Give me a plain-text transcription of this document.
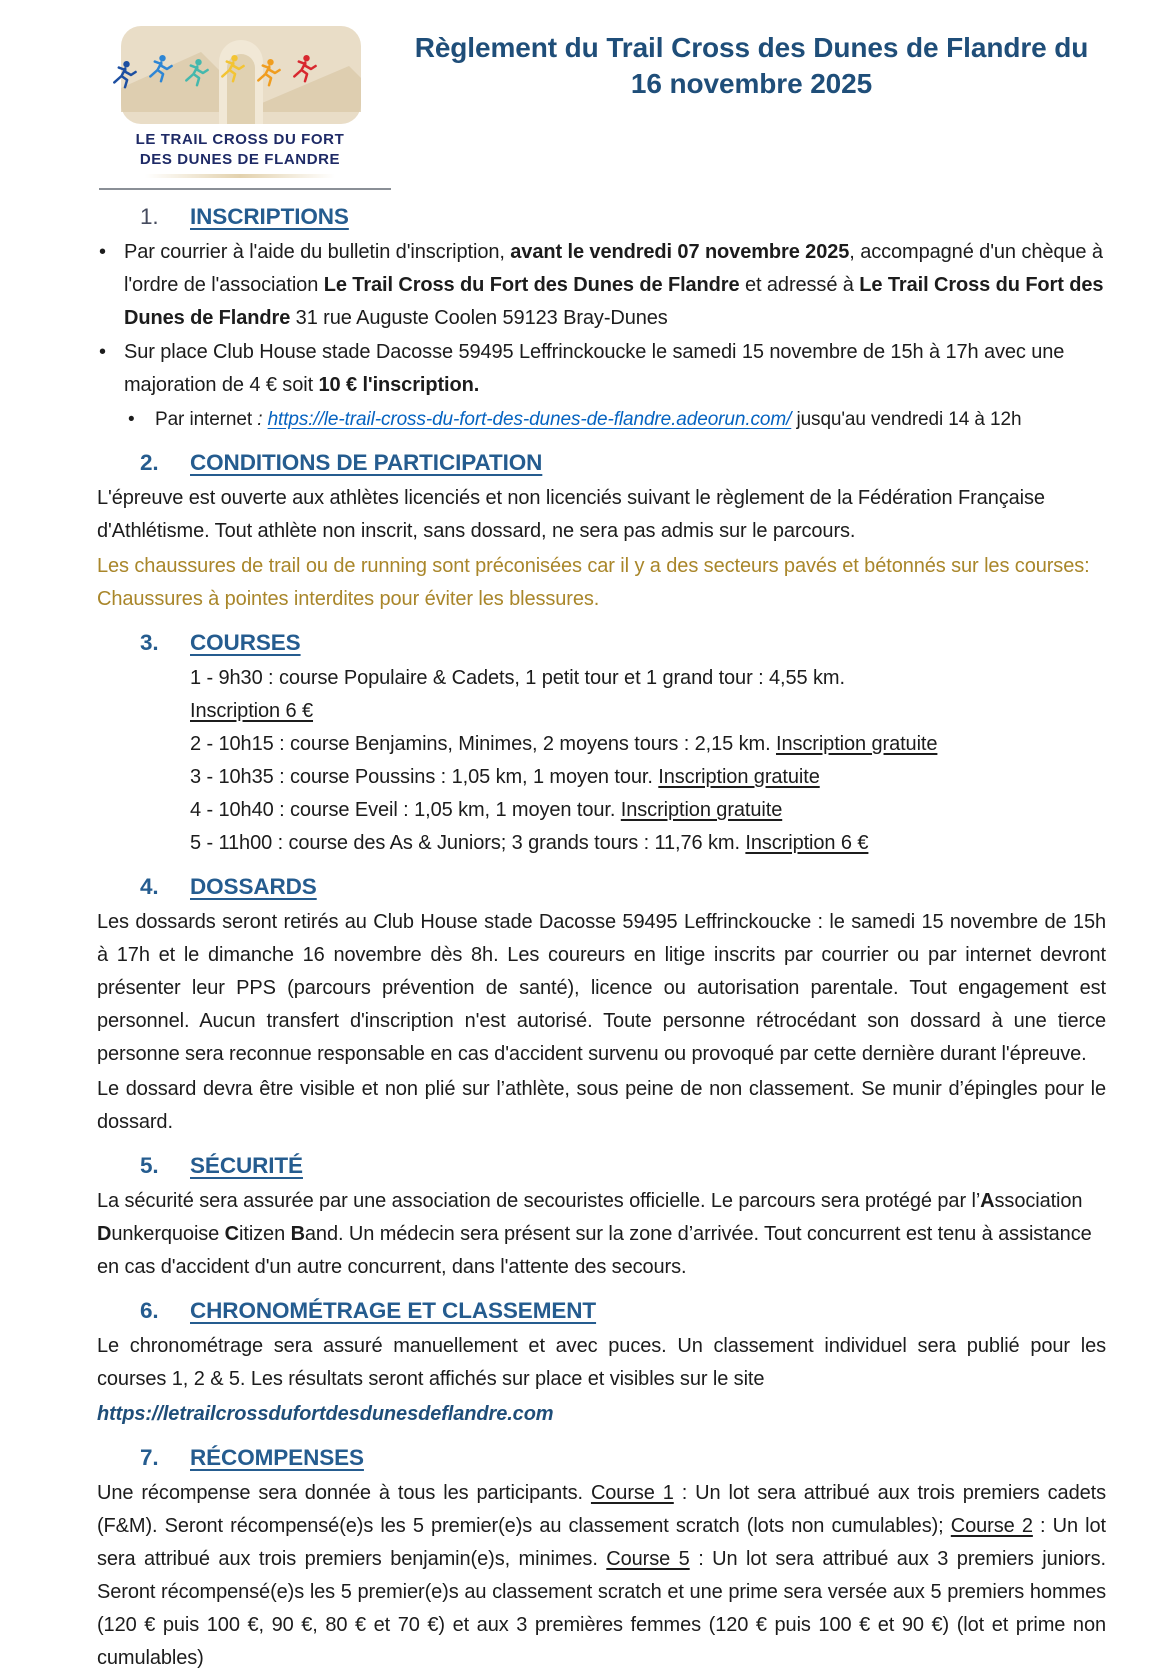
LE TRAIL CROSS DU FORT
DES DUNES DE FLANDRE
Règlement du Trail Cross des Dunes de Flandre du
16 novembre 2025
1. INSCRIPTIONS
• Par courrier à l'aide du bulletin d'inscription, avant le vendredi 07 novembre 2025, accompagné d'un chèque à l'ordre de l'association Le Trail Cross du Fort des Dunes de Flandre et adressé à Le Trail Cross du Fort des Dunes de Flandre 31 rue Auguste Coolen 59123 Bray-Dunes
• Sur place Club House stade Dacosse 59495 Leffrinckoucke le samedi 15 novembre de 15h à 17h avec une majoration de 4 € soit 10 € l'inscription.
• Par internet : https://le-trail-cross-du-fort-des-dunes-de-flandre.adeorun.com/ jusqu'au vendredi 14 à 12h
2. CONDITIONS DE PARTICIPATION

L'épreuve est ouverte aux athlètes licenciés et non licenciés suivant le règlement de la Fédération Française d'Athlétisme. Tout athlète non inscrit, sans dossard, ne sera pas admis sur le parcours.

Les chaussures de trail ou de running sont préconisées car il y a des secteurs pavés et bétonnés sur les courses: Chaussures à pointes interdites pour éviter les blessures.

3. COURSES
1 - 9h30 : course Populaire & Cadets, 1 petit tour et 1 grand tour : 4,55 km.
Inscription 6 €
2 - 10h15 : course Benjamins, Minimes, 2 moyens tours : 2,15 km. Inscription gratuite
3 - 10h35 : course Poussins : 1,05 km, 1 moyen tour. Inscription gratuite
4 - 10h40 : course Eveil : 1,05 km, 1 moyen tour. Inscription gratuite
5 - 11h00 : course des As & Juniors; 3 grands tours : 11,76 km. Inscription 6 €
4. DOSSARDS

Les dossards seront retirés au Club House stade Dacosse 59495 Leffrinckoucke : le samedi 15 novembre de 15h à 17h et le dimanche 16 novembre dès 8h. Les coureurs en litige inscrits par courrier ou par internet devront présenter leur PPS (parcours prévention de santé), licence ou autorisation parentale. Tout engagement est personnel. Aucun transfert d'inscription n'est autorisé. Toute personne rétrocédant son dossard à une tierce personne sera reconnue responsable en cas d'accident survenu ou provoqué par cette dernière durant l'épreuve.

Le dossard devra être visible et non plié sur l’athlète, sous peine de non classement. Se munir d’épingles pour le dossard.

5. SÉCURITÉ

La sécurité sera assurée par une association de secouristes officielle. Le parcours sera protégé par l’Association Dunkerquoise Citizen Band. Un médecin sera présent sur la zone d’arrivée. Tout concurrent est tenu à assistance en cas d'accident d'un autre concurrent, dans l'attente des secours.

6. CHRONOMÉTRAGE ET CLASSEMENT

Le chronométrage sera assuré manuellement et avec puces. Un classement individuel sera publié pour les courses 1, 2 & 5. Les résultats seront affichés sur place et visibles sur le site

https://letrailcrossdufortdesdunesdeflandre.com
7. RÉCOMPENSES

Une récompense sera donnée à tous les participants. Course 1 : Un lot sera attribué aux trois premiers cadets (F&M). Seront récompensé(e)s les 5 premier(e)s au classement scratch (lots non cumulables); Course 2 : Un lot sera attribué aux trois premiers benjamin(e)s, minimes. Course 5 : Un lot sera attribué aux 3 premiers juniors. Seront récompensé(e)s les 5 premier(e)s au classement scratch et une prime sera versée aux 5 premiers hommes (120 € puis 100 €, 90 €, 80 € et 70 €) et aux 3 premières femmes (120 € puis 100 € et 90 €) (lot et prime non cumulables)
